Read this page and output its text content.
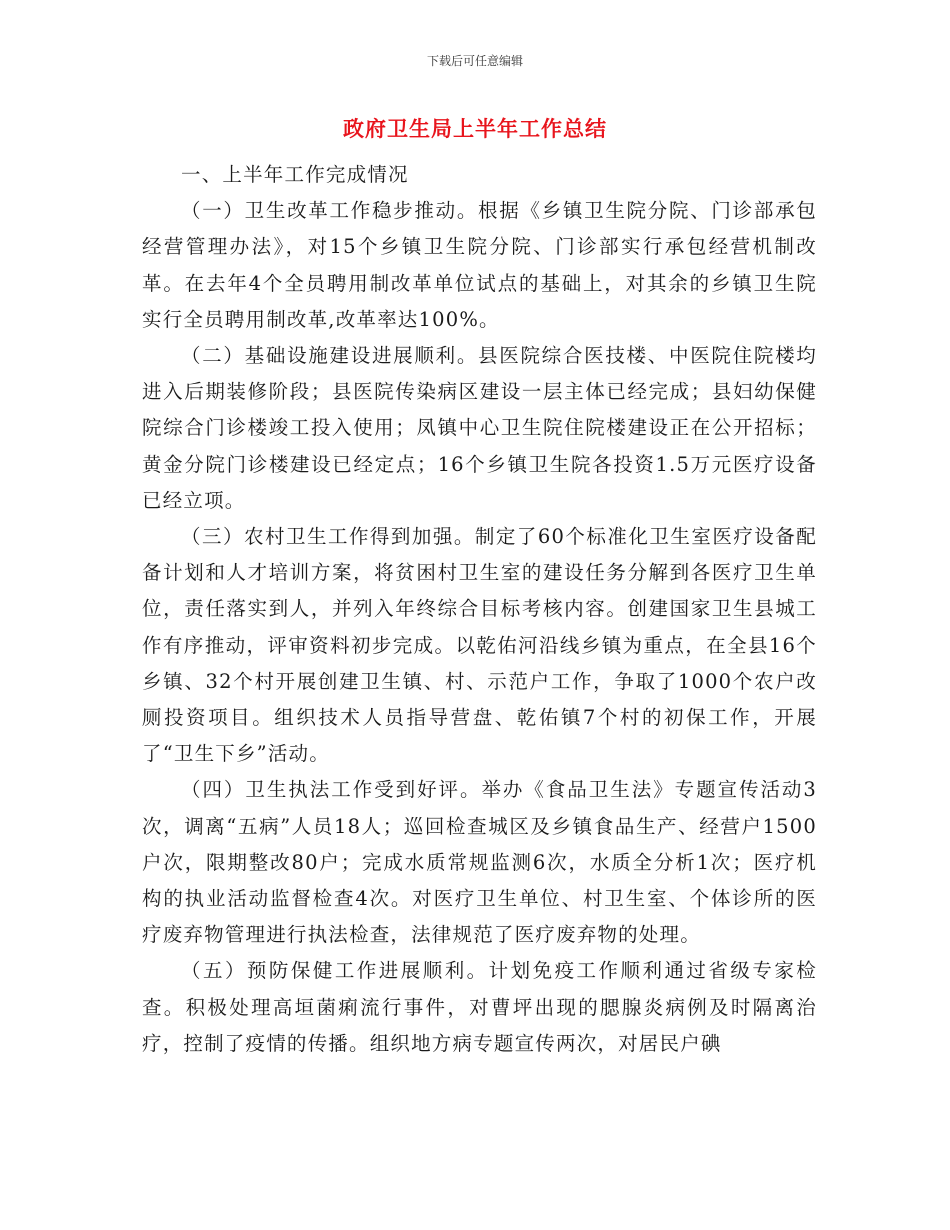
下载后可任意编辑
政府卫生局上半年工作总结

一、上半年工作完成情况

（一）卫生改革工作稳步推动。根据《乡镇卫生院分院、门诊部承包经营管理办法》，对15个乡镇卫生院分院、门诊部实行承包经营机制改革。在去年4个全员聘用制改革单位试点的基础上，对其余的乡镇卫生院实行全员聘用制改革,改革率达100%。

（二）基础设施建设进展顺利。县医院综合医技楼、中医院住院楼均进入后期装修阶段；县医院传染病区建设一层主体已经完成；县妇幼保健院综合门诊楼竣工投入使用；凤镇中心卫生院住院楼建设正在公开招标；黄金分院门诊楼建设已经定点；16个乡镇卫生院各投资1.5万元医疗设备已经立项。

（三）农村卫生工作得到加强。制定了60个标准化卫生室医疗设备配备计划和人才培训方案，将贫困村卫生室的建设任务分解到各医疗卫生单位，责任落实到人，并列入年终综合目标考核内容。创建国家卫生县城工作有序推动，评审资料初步完成。以乾佑河沿线乡镇为重点，在全县16个乡镇、32个村开展创建卫生镇、村、示范户工作，争取了1000个农户改厕投资项目。组织技术人员指导营盘、乾佑镇7个村的初保工作，开展了“卫生下乡”活动。

（四）卫生执法工作受到好评。举办《食品卫生法》专题宣传活动3次，调离“五病”人员18人；巡回检查城区及乡镇食品生产、经营户1500户次，限期整改80户；完成水质常规监测6次，水质全分析1次；医疗机构的执业活动监督检查4次。对医疗卫生单位、村卫生室、个体诊所的医疗废弃物管理进行执法检查，法律规范了医疗废弃物的处理。

（五）预防保健工作进展顺利。计划免疫工作顺利通过省级专家检查。积极处理高垣菌痢流行事件，对曹坪出现的腮腺炎病例及时隔离治疗，控制了疫情的传播。组织地方病专题宣传两次，对居民户碘
